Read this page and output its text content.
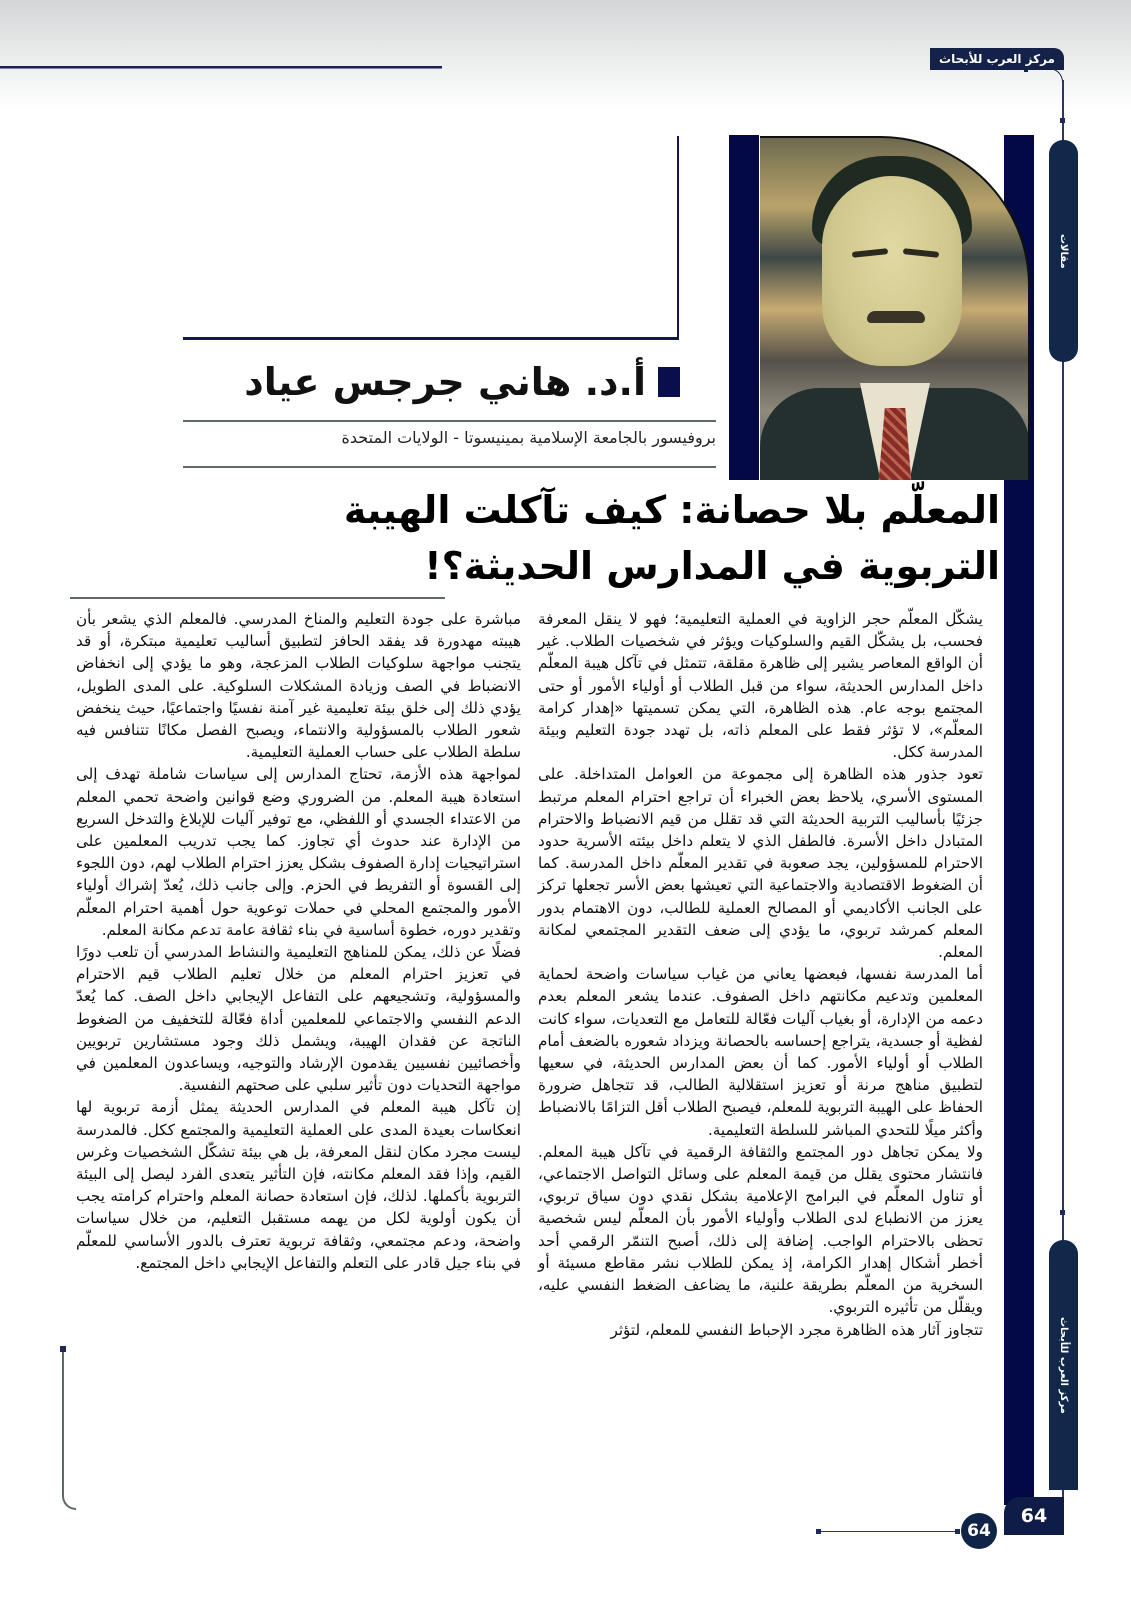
مركز العرب للأبحاث
مقالات
مركز العرب للأبحاث
أ.د. هاني جرجس عياد
بروفيسور بالجامعة الإسلامية بمينيسوتا - الولايات المتحدة
المعلّم بلا حصانة: كيف تآكلت الهيبة التربوية في المدارس الحديثة؟!

يشكّل المعلّم حجر الزاوية في العملية التعليمية؛ فهو لا ينقل المعرفة فحسب، بل يشكّل القيم والسلوكيات ويؤثر في شخصيات الطلاب. غير أن الواقع المعاصر يشير إلى ظاهرة مقلقة، تتمثل في تآكل هيبة المعلّم داخل المدارس الحديثة، سواء من قبل الطلاب أو أولياء الأمور أو حتى المجتمع بوجه عام. هذه الظاهرة، التي يمكن تسميتها «إهدار كرامة المعلّم»، لا تؤثر فقط على المعلم ذاته، بل تهدد جودة التعليم وبيئة المدرسة ككل.

تعود جذور هذه الظاهرة إلى مجموعة من العوامل المتداخلة. على المستوى الأسري، يلاحظ بعض الخبراء أن تراجع احترام المعلم مرتبط جزئيًا بأساليب التربية الحديثة التي قد تقلل من قيم الانضباط والاحترام المتبادل داخل الأسرة. فالطفل الذي لا يتعلم داخل بيئته الأسرية حدود الاحترام للمسؤولين، يجد صعوبة في تقدير المعلّم داخل المدرسة. كما أن الضغوط الاقتصادية والاجتماعية التي تعيشها بعض الأسر تجعلها تركز على الجانب الأكاديمي أو المصالح العملية للطالب، دون الاهتمام بدور المعلم كمرشد تربوي، ما يؤدي إلى ضعف التقدير المجتمعي لمكانة المعلم.

أما المدرسة نفسها، فبعضها يعاني من غياب سياسات واضحة لحماية المعلمين وتدعيم مكانتهم داخل الصفوف. عندما يشعر المعلم بعدم دعمه من الإدارة، أو بغياب آليات فعّالة للتعامل مع التعديات، سواء كانت لفظية أو جسدية، يتراجع إحساسه بالحصانة ويزداد شعوره بالضعف أمام الطلاب أو أولياء الأمور. كما أن بعض المدارس الحديثة، في سعيها لتطبيق مناهج مرنة أو تعزيز استقلالية الطالب، قد تتجاهل ضرورة الحفاظ على الهيبة التربوية للمعلم، فيصبح الطلاب أقل التزامًا بالانضباط وأكثر ميلًا للتحدي المباشر للسلطة التعليمية.

ولا يمكن تجاهل دور المجتمع والثقافة الرقمية في تآكل هيبة المعلم. فانتشار محتوى يقلل من قيمة المعلم على وسائل التواصل الاجتماعي، أو تناول المعلّم في البرامج الإعلامية بشكل نقدي دون سياق تربوي، يعزز من الانطباع لدى الطلاب وأولياء الأمور بأن المعلّم ليس شخصية تحظى بالاحترام الواجب. إضافة إلى ذلك، أصبح التنمّر الرقمي أحد أخطر أشكال إهدار الكرامة، إذ يمكن للطلاب نشر مقاطع مسيئة أو السخرية من المعلّم بطريقة علنية، ما يضاعف الضغط النفسي عليه، ويقلّل من تأثيره التربوي.

تتجاوز آثار هذه الظاهرة مجرد الإحباط النفسي للمعلم، لتؤثر

مباشرة على جودة التعليم والمناخ المدرسي. فالمعلم الذي يشعر بأن هيبته مهدورة قد يفقد الحافز لتطبيق أساليب تعليمية مبتكرة، أو قد يتجنب مواجهة سلوكيات الطلاب المزعجة، وهو ما يؤدي إلى انخفاض الانضباط في الصف وزيادة المشكلات السلوكية. على المدى الطويل، يؤدي ذلك إلى خلق بيئة تعليمية غير آمنة نفسيًا واجتماعيًا، حيث ينخفض شعور الطلاب بالمسؤولية والانتماء، ويصبح الفصل مكانًا تتنافس فيه سلطة الطلاب على حساب العملية التعليمية.

لمواجهة هذه الأزمة، تحتاج المدارس إلى سياسات شاملة تهدف إلى استعادة هيبة المعلم. من الضروري وضع قوانين واضحة تحمي المعلم من الاعتداء الجسدي أو اللفظي، مع توفير آليات للإبلاغ والتدخل السريع من الإدارة عند حدوث أي تجاوز. كما يجب تدريب المعلمين على استراتيجيات إدارة الصفوف بشكل يعزز احترام الطلاب لهم، دون اللجوء إلى القسوة أو التفريط في الحزم. وإلى جانب ذلك، يُعدّ إشراك أولياء الأمور والمجتمع المحلي في حملات توعوية حول أهمية احترام المعلّم وتقدير دوره، خطوة أساسية في بناء ثقافة عامة تدعم مكانة المعلم.

فضلًا عن ذلك، يمكن للمناهج التعليمية والنشاط المدرسي أن تلعب دورًا في تعزيز احترام المعلم من خلال تعليم الطلاب قيم الاحترام والمسؤولية، وتشجيعهم على التفاعل الإيجابي داخل الصف. كما يُعدّ الدعم النفسي والاجتماعي للمعلمين أداة فعّالة للتخفيف من الضغوط الناتجة عن فقدان الهيبة، ويشمل ذلك وجود مستشارين تربويين وأخصائيين نفسيين يقدمون الإرشاد والتوجيه، ويساعدون المعلمين في مواجهة التحديات دون تأثير سلبي على صحتهم النفسية.

إن تآكل هيبة المعلم في المدارس الحديثة يمثل أزمة تربوية لها انعكاسات بعيدة المدى على العملية التعليمية والمجتمع ككل. فالمدرسة ليست مجرد مكان لنقل المعرفة، بل هي بيئة تشكّل الشخصيات وغرس القيم، وإذا فقد المعلم مكانته، فإن التأثير يتعدى الفرد ليصل إلى البيئة التربوية بأكملها. لذلك، فإن استعادة حصانة المعلم واحترام كرامته يجب أن يكون أولوية لكل من يهمه مستقبل التعليم، من خلال سياسات واضحة، ودعم مجتمعي، وثقافة تربوية تعترف بالدور الأساسي للمعلّم في بناء جيل قادر على التعلم والتفاعل الإيجابي داخل المجتمع.

64
64
